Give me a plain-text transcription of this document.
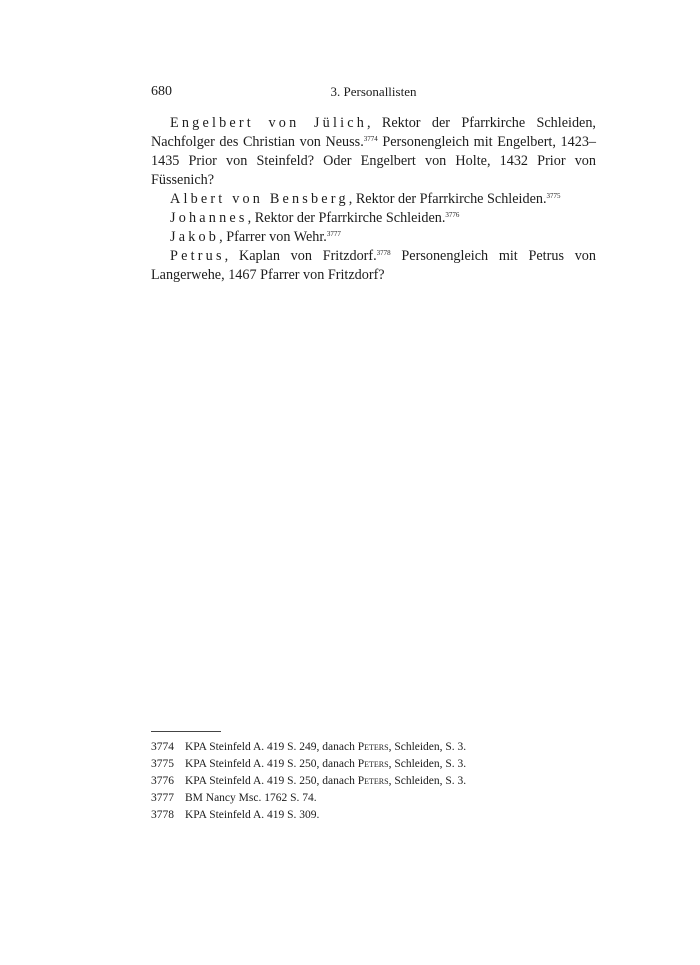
680	3. Personallisten

Engelbert von Jülich, Rektor der Pfarrkirche Schleiden, Nachfolger des Christian von Neuss.$^{3774}$ Personengleich mit Engelbert, 1423–1435 Prior von Steinfeld? Oder Engelbert von Holte, 1432 Prior von Füssenich?

Albert von Bensberg, Rektor der Pfarrkirche Schleiden.$^{3775}$

Johannes, Rektor der Pfarrkirche Schleiden.$^{3776}$

Jakob, Pfarrer von Wehr.$^{3777}$

Petrus, Kaplan von Fritzdorf.$^{3778}$ Personengleich mit Petrus von Langerwehe, 1467 Pfarrer von Fritzdorf?

3774 KPA Steinfeld A. 419 S. 249, danach Peters, Schleiden, S. 3.
3775 KPA Steinfeld A. 419 S. 250, danach Peters, Schleiden, S. 3.
3776 KPA Steinfeld A. 419 S. 250, danach Peters, Schleiden, S. 3.
3777 BM Nancy Msc. 1762 S. 74.
3778 KPA Steinfeld A. 419 S. 309.
